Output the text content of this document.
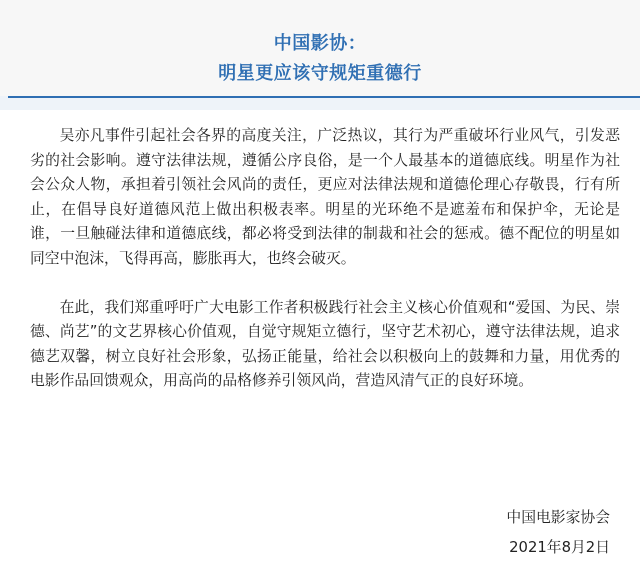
中国影协：
明星更应该守规矩重德行

吴亦凡事件引起社会各界的高度关注，广泛热议，其行为严重破坏行业风气，引发恶劣的社会影响。遵守法律法规，遵循公序良俗，是一个人最基本的道德底线。明星作为社会公众人物，承担着引领社会风尚的责任，更应对法律法规和道德伦理心存敬畏，行有所止，在倡导良好道德风范上做出积极表率。明星的光环绝不是遮羞布和保护伞，无论是谁，一旦触碰法律和道德底线，都必将受到法律的制裁和社会的惩戒。德不配位的明星如同空中泡沫，飞得再高，膨胀再大，也终会破灭。

在此，我们郑重呼吁广大电影工作者积极践行社会主义核心价值观和“爱国、为民、崇德、尚艺”的文艺界核心价值观，自觉守规矩立德行，坚守艺术初心，遵守法律法规，追求德艺双馨，树立良好社会形象，弘扬正能量，给社会以积极向上的鼓舞和力量，用优秀的电影作品回馈观众，用高尚的品格修养引领风尚，营造风清气正的良好环境。

中国电影家协会
2021年8月2日
